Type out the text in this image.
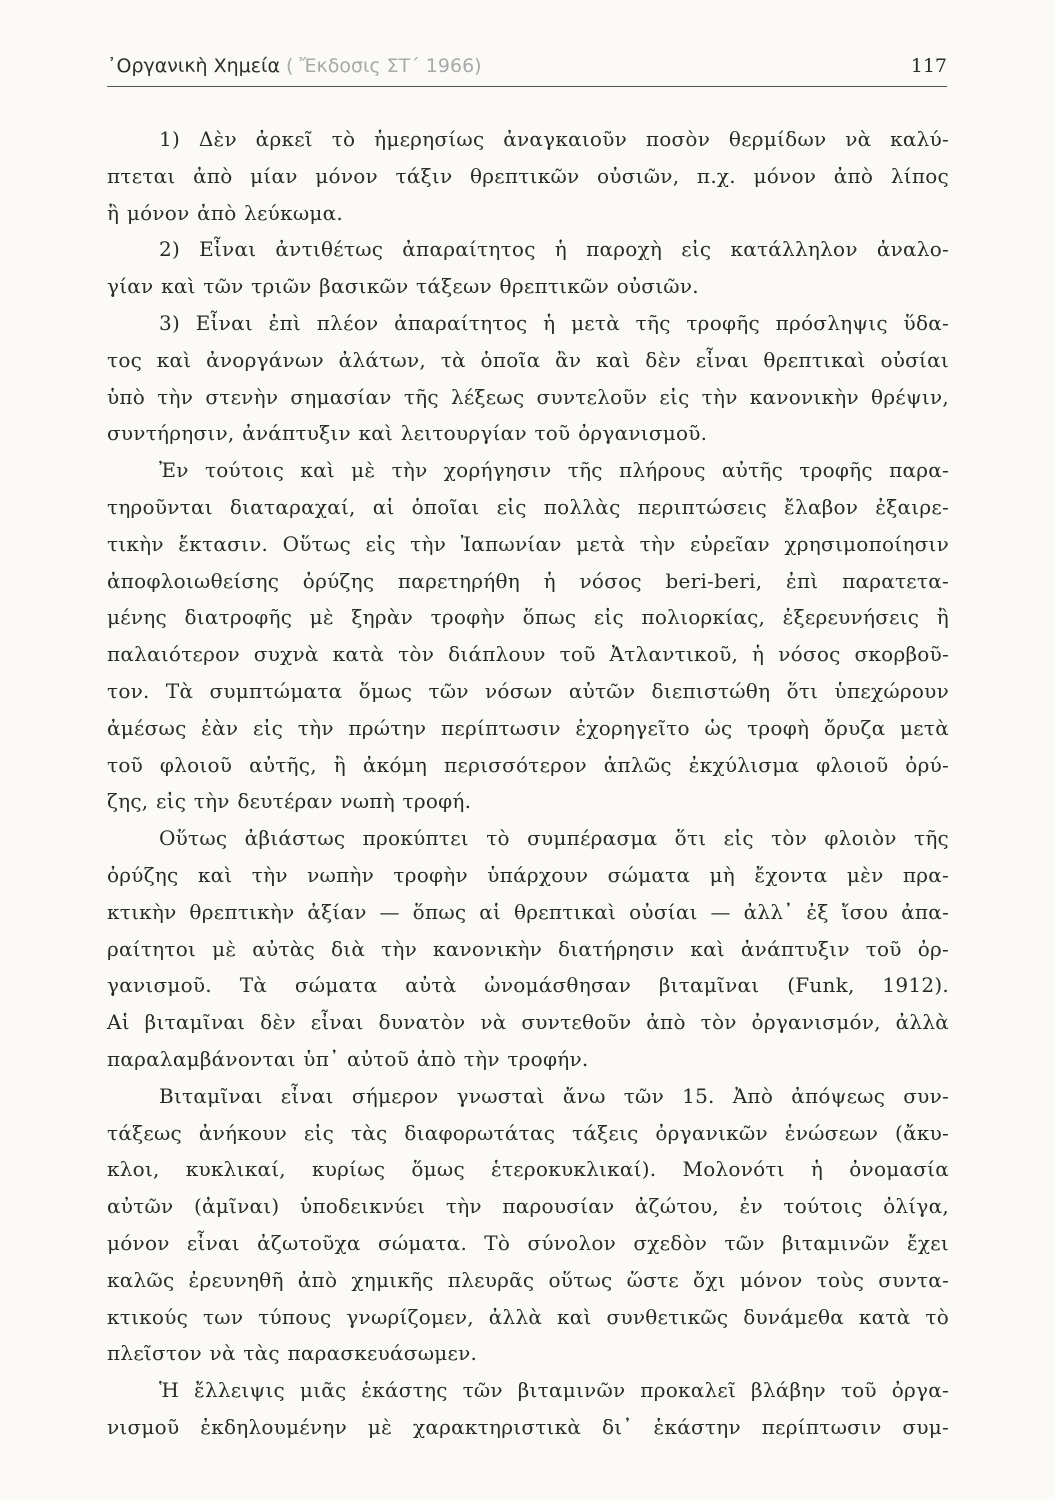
᾿Οργανικὴ Χημεία ( Ἔκδοσις ΣΤ΄ 1966)	117
1) Δὲν ἀρκεῖ τὸ ἡμερησίως ἀναγκαιοῦν ποσὸν θερμίδων νὰ καλύ-
πτεται ἀπὸ μίαν μόνον τάξιν θρεπτικῶν οὐσιῶν, π.χ. μόνον ἀπὸ λίπος
ἢ μόνον ἀπὸ λεύκωμα.
2) Εἶναι ἀντιθέτως ἀπαραίτητος ἡ παροχὴ εἰς κατάλληλον ἀναλο-
γίαν καὶ τῶν τριῶν βασικῶν τάξεων θρεπτικῶν οὐσιῶν.
3) Εἶναι ἐπὶ πλέον ἀπαραίτητος ἡ μετὰ τῆς τροφῆς πρόσληψις ὕδα-
τος καὶ ἀνοργάνων ἀλάτων, τὰ ὁποῖα ἂν καὶ δὲν εἶναι θρεπτικαὶ οὐσίαι
ὑπὸ τὴν στενὴν σημασίαν τῆς λέξεως συντελοῦν εἰς τὴν κανονικὴν θρέψιν,
συντήρησιν, ἀνάπτυξιν καὶ λειτουργίαν τοῦ ὀργανισμοῦ.
Ἐν τούτοις καὶ μὲ τὴν χορήγησιν τῆς πλήρους αὐτῆς τροφῆς παρα-
τηροῦνται διαταραχαί, αἱ ὁποῖαι εἰς πολλὰς περιπτώσεις ἔλαβον ἐξαιρε-
τικὴν ἔκτασιν. Οὕτως εἰς τὴν Ἰαπωνίαν μετὰ τὴν εὐρεῖαν χρησιμοποίησιν
ἀποφλοιωθείσης ὀρύζης παρετηρήθη ἡ νόσος beri-beri, ἐπὶ παρατετα-
μένης διατροφῆς μὲ ξηρὰν τροφὴν ὅπως εἰς πολιορκίας, ἐξερευνήσεις ἢ
παλαιότερον συχνὰ κατὰ τὸν διάπλουν τοῦ Ἀτλαντικοῦ, ἡ νόσος σκορβοῦ-
τον. Τὰ συμπτώματα ὅμως τῶν νόσων αὐτῶν διεπιστώθη ὅτι ὑπεχώρουν
ἀμέσως ἐὰν εἰς τὴν πρώτην περίπτωσιν ἐχορηγεῖτο ὡς τροφὴ ὄρυζα μετὰ
τοῦ φλοιοῦ αὐτῆς, ἢ ἀκόμη περισσότερον ἁπλῶς ἐκχύλισμα φλοιοῦ ὀρύ-
ζης, εἰς τὴν δευτέραν νωπὴ τροφή.
Οὕτως ἀβιάστως προκύπτει τὸ συμπέρασμα ὅτι εἰς τὸν φλοιὸν τῆς
ὀρύζης καὶ τὴν νωπὴν τροφὴν ὑπάρχουν σώματα μὴ ἔχοντα μὲν πρα-
κτικὴν θρεπτικὴν ἀξίαν — ὅπως αἱ θρεπτικαὶ οὐσίαι — ἀλλ᾿ ἐξ ἴσου ἀπα-
ραίτητοι μὲ αὐτὰς διὰ τὴν κανονικὴν διατήρησιν καὶ ἀνάπτυξιν τοῦ ὀρ-
γανισμοῦ. Τὰ σώματα αὐτὰ ὠνομάσθησαν βιταμῖναι (Funk, 1912).
Αἱ βιταμῖναι δὲν εἶναι δυνατὸν νὰ συντεθοῦν ἀπὸ τὸν ὀργανισμόν, ἀλλὰ
παραλαμβάνονται ὑπ᾿ αὐτοῦ ἀπὸ τὴν τροφήν.
Βιταμῖναι εἶναι σήμερον γνωσταὶ ἄνω τῶν 15. Ἀπὸ ἀπόψεως συν-
τάξεως ἀνήκουν εἰς τὰς διαφορωτάτας τάξεις ὀργανικῶν ἑνώσεων (ἄκυ-
κλοι, κυκλικαί, κυρίως ὅμως ἑτεροκυκλικαί). Μολονότι ἡ ὀνομασία
αὐτῶν (ἀμῖναι) ὑποδεικνύει τὴν παρουσίαν ἀζώτου, ἐν τούτοις ὀλίγα,
μόνον εἶναι ἀζωτοῦχα σώματα. Τὸ σύνολον σχεδὸν τῶν βιταμινῶν ἔχει
καλῶς ἐρευνηθῆ ἀπὸ χημικῆς πλευρᾶς οὕτως ὥστε ὄχι μόνον τοὺς συντα-
κτικούς των τύπους γνωρίζομεν, ἀλλὰ καὶ συνθετικῶς δυνάμεθα κατὰ τὸ
πλεῖστον νὰ τὰς παρασκευάσωμεν.
Ἡ ἔλλειψις μιᾶς ἑκάστης τῶν βιταμινῶν προκαλεῖ βλάβην τοῦ ὀργα-
νισμοῦ ἐκδηλουμένην μὲ χαρακτηριστικὰ δι᾿ ἑκάστην περίπτωσιν συμ-
